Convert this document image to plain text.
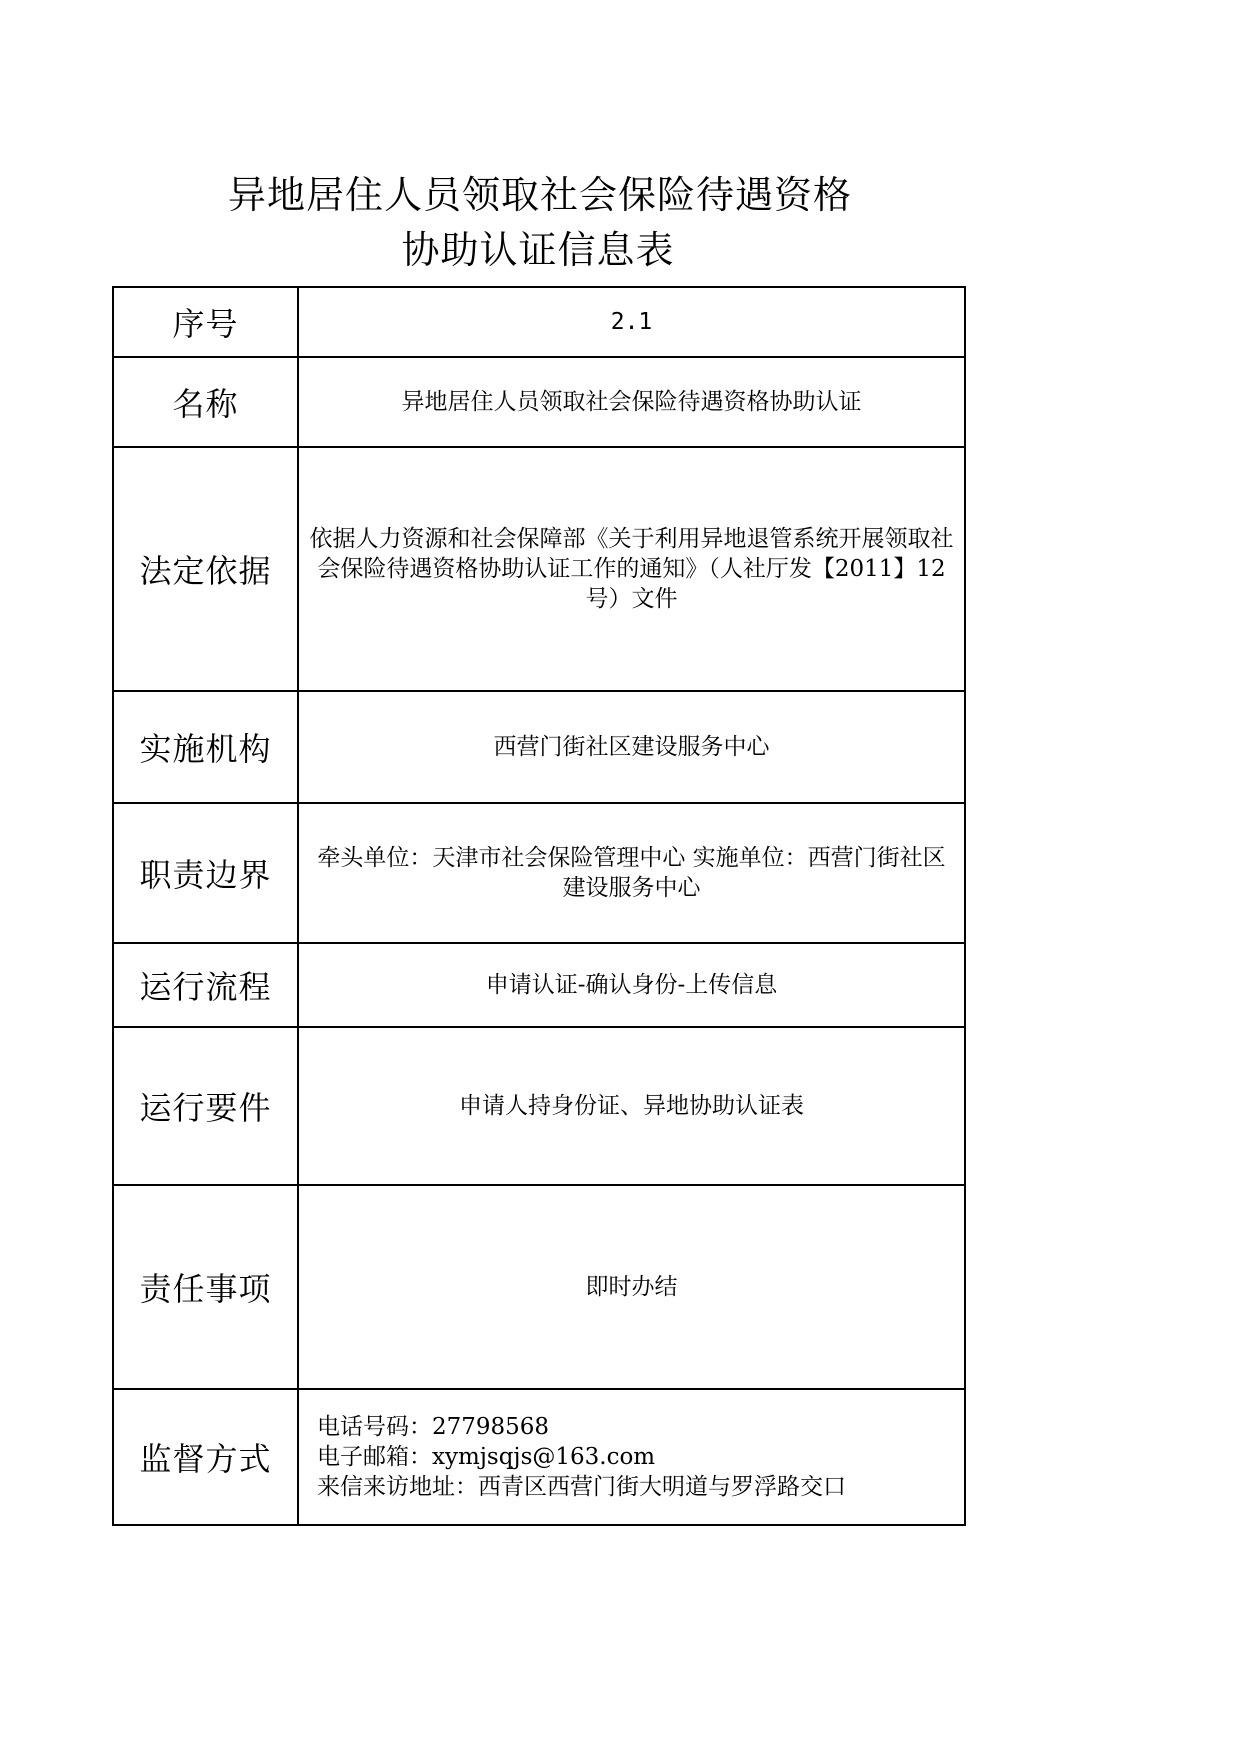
异地居住人员领取社会保险待遇资格
协助认证信息表
序号	2.1
名称	异地居住人员领取社会保险待遇资格协助认证
法定依据	依据人力资源和社会保障部《关于利用异地退管系统开展领取社会保险待遇资格协助认证工作的通知》（人社厅发【2011】12号）文件
实施机构	西营门街社区建设服务中心
职责边界	牵头单位：天津市社会保险管理中心 实施单位：西营门街社区建设服务中心
运行流程	申请认证-确认身份-上传信息
运行要件	申请人持身份证、异地协助认证表
责任事项	即时办结
监督方式	电话号码：27798568
电子邮箱：xymjsqjs@163.com
来信来访地址：西青区西营门街大明道与罗浮路交口
